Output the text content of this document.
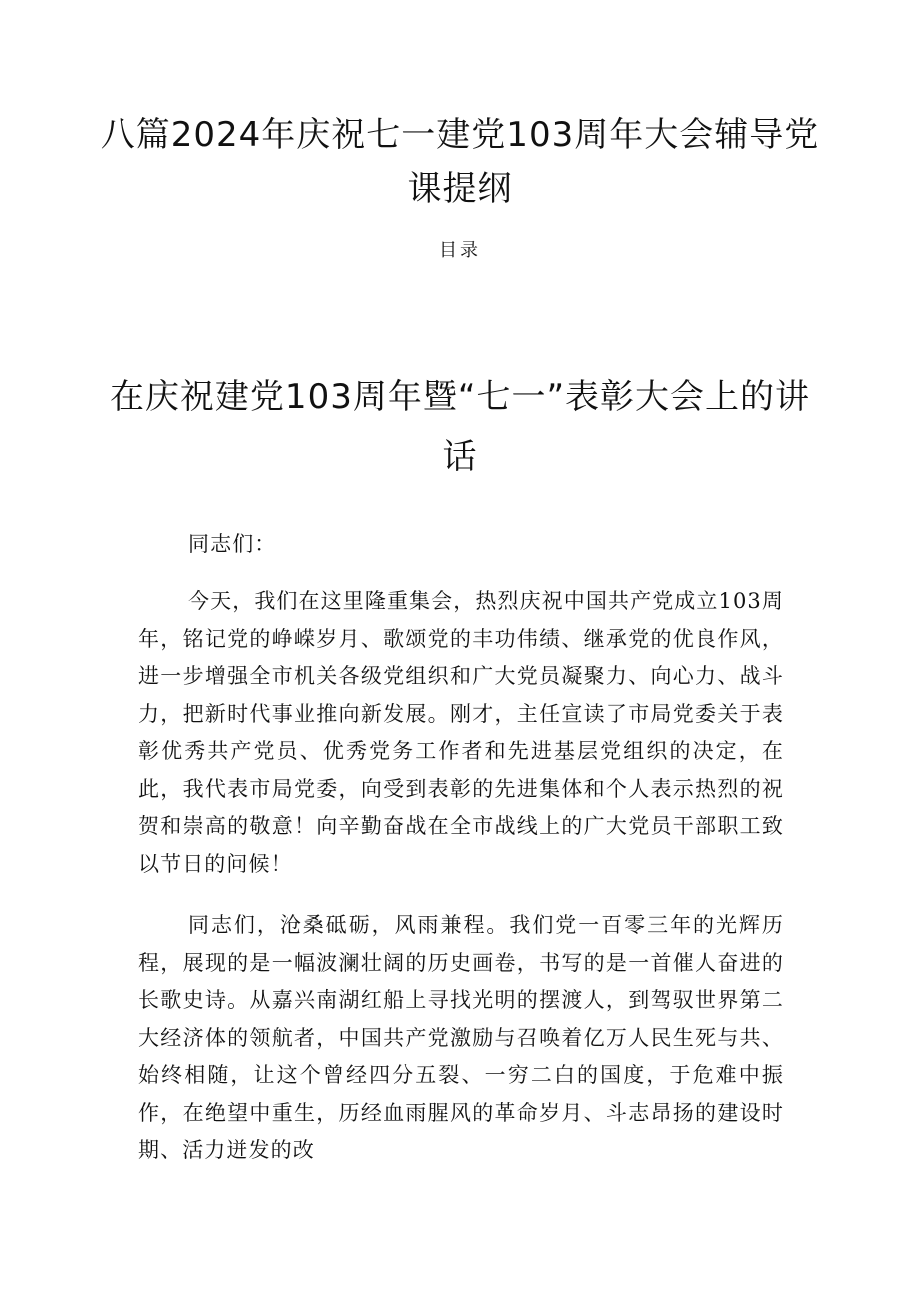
八篇2024年庆祝七一建党103周年大会辅导党课提纲

目录

在庆祝建党103周年暨“七一”表彰大会上的讲话

同志们：

今天，我们在这里隆重集会，热烈庆祝中国共产党成立103周年，铭记党的峥嵘岁月、歌颂党的丰功伟绩、继承党的优良作风，进一步增强全市机关各级党组织和广大党员凝聚力、向心力、战斗力，把新时代事业推向新发展。刚才，主任宣读了市局党委关于表彰优秀共产党员、优秀党务工作者和先进基层党组织的决定，在此，我代表市局党委，向受到表彰的先进集体和个人表示热烈的祝贺和崇高的敬意！向辛勤奋战在全市战线上的广大党员干部职工致以节日的问候！

同志们，沧桑砥砺，风雨兼程。我们党一百零三年的光辉历程，展现的是一幅波澜壮阔的历史画卷，书写的是一首催人奋进的长歌史诗。从嘉兴南湖红船上寻找光明的摆渡人，到驾驭世界第二大经济体的领航者，中国共产党激励与召唤着亿万人民生死与共、始终相随，让这个曾经四分五裂、一穷二白的国度，于危难中振作，在绝望中重生，历经血雨腥风的革命岁月、斗志昂扬的建设时期、活力迸发的改
